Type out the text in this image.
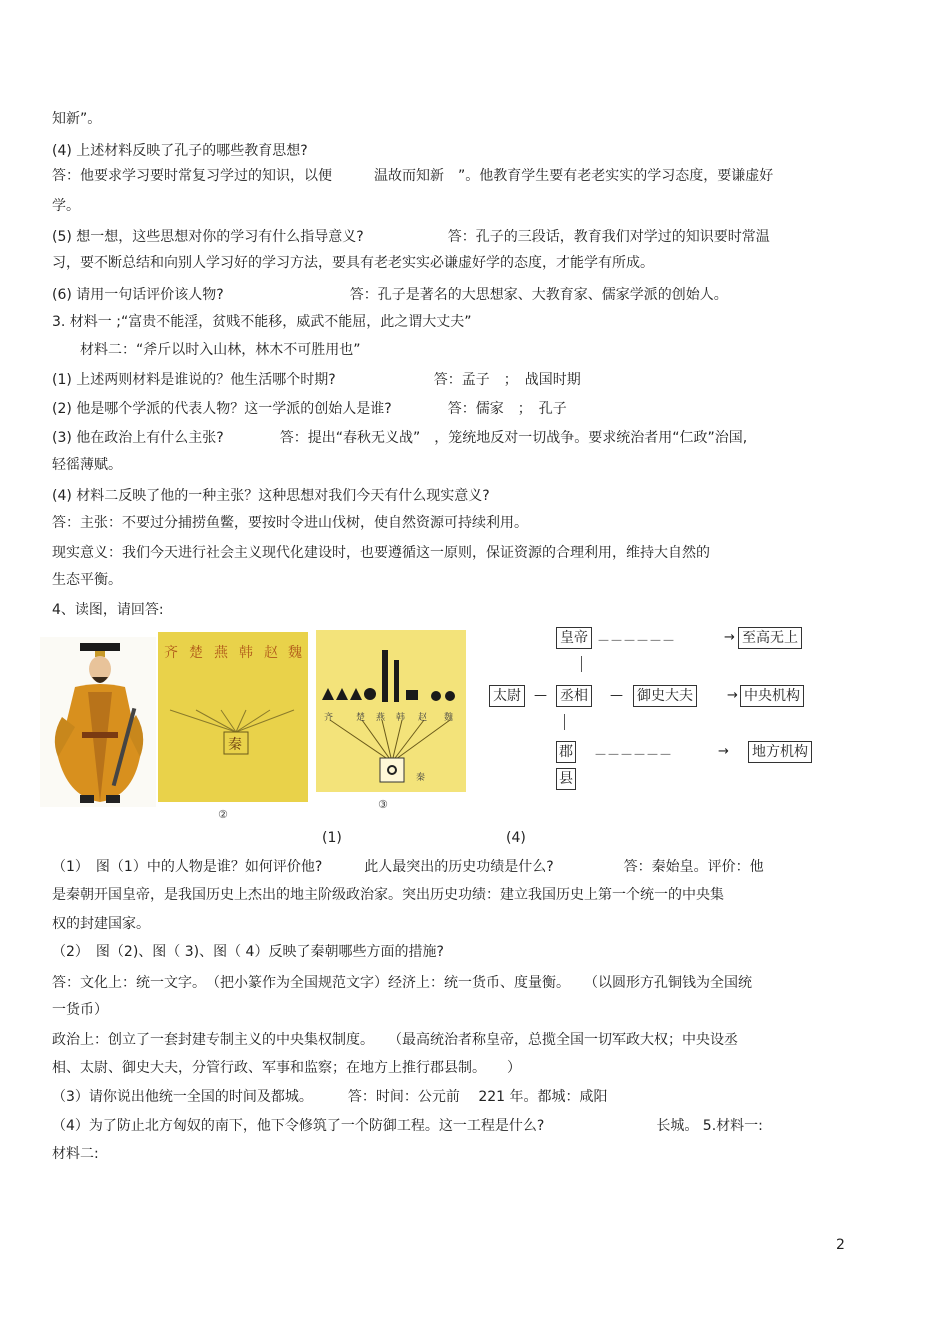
知新”。
(4) 上述材料反映了孔子的哪些教育思想?
答：他要求学习要时常复习学过的知识，以便　　　温故而知新　”。他教育学生要有老老实实的学习态度，要谦虚好
学。
(5) 想一想，这些思想对你的学习有什么指导意义?　　　　　　答：孔子的三段话，教育我们对学过的知识要时常温
习，要不断总结和向别人学习好的学习方法，要具有老老实实必谦虚好学的态度，才能学有所成。
(6) 请用一句话评价该人物?　　　　　　　　　答：孔子是著名的大思想家、大教育家、儒家学派的创始人。
3. 材料一 ;“富贵不能淫，贫贱不能移，威武不能屈，此之谓大丈夫”
　　材料二：“斧斤以时入山林，林木不可胜用也”
(1) 上述两则材料是谁说的？他生活哪个时期?　　　　　　　答：孟子　；　战国时期
(2) 他是哪个学派的代表人物？这一学派的创始人是谁?　　　　答：儒家　；　孔子
(3) 他在政治上有什么主张?　　　　答：提出“春秋无义战”　，笼统地反对一切战争。要求统治者用“仁政”治国,
轻徭薄赋。
(4) 材料二反映了他的一种主张？这种思想对我们今天有什么现实意义?
答：主张：不要过分捕捞鱼鳖，要按时令进山伐树，使自然资源可持续利用。
现实意义：我们今天进行社会主义现代化建设时，也要遵循这一原则，保证资源的合理利用，维持大自然的
生态平衡。
4、读图，请回答:
齐 楚 燕 韩 赵 魏
秦
②
齐	楚 燕 韩 赵 魏
秦
③
(1)	(4)
皇帝 －－－－－－	→ 至高无上
太尉	— 丞相	— 御史大夫	→ 中央机构
郡
县
－－－－－－	→ 地方机构
（1）　图（1）中的人物是谁？如何评价他?　　　此人最突出的历史功绩是什么?　　　　　答：秦始皇。评价：他
是秦朝开国皇帝，是我国历史上杰出的地主阶级政治家。突出历史功绩：建立我国历史上第一个统一的中央集
权的封建国家。
（2）　图（2)、图（ 3)、图（ 4）反映了秦朝哪些方面的措施?
答：文化上：统一文字。　（把小篆作为全国规范文字）经济上：统一货币、度量衡。　　（以圆形方孔铜钱为全国统
一货币）
政治上：创立了一套封建专制主义的中央集权制度。　　（最高统治者称皇帝，总揽全国一切军政大权；中央设丞
相、太尉、御史大夫，分管行政、军事和监察；在地方上推行郡县制。　　）
（3）请你说出他统一全国的时间及都城。　　　答：时间：公元前　 221 年。都城：咸阳
（4）为了防止北方匈奴的南下，他下令修筑了一个防御工程。这一工程是什么?　　　　　　　　长城。 5.材料一:
材料二:
2
